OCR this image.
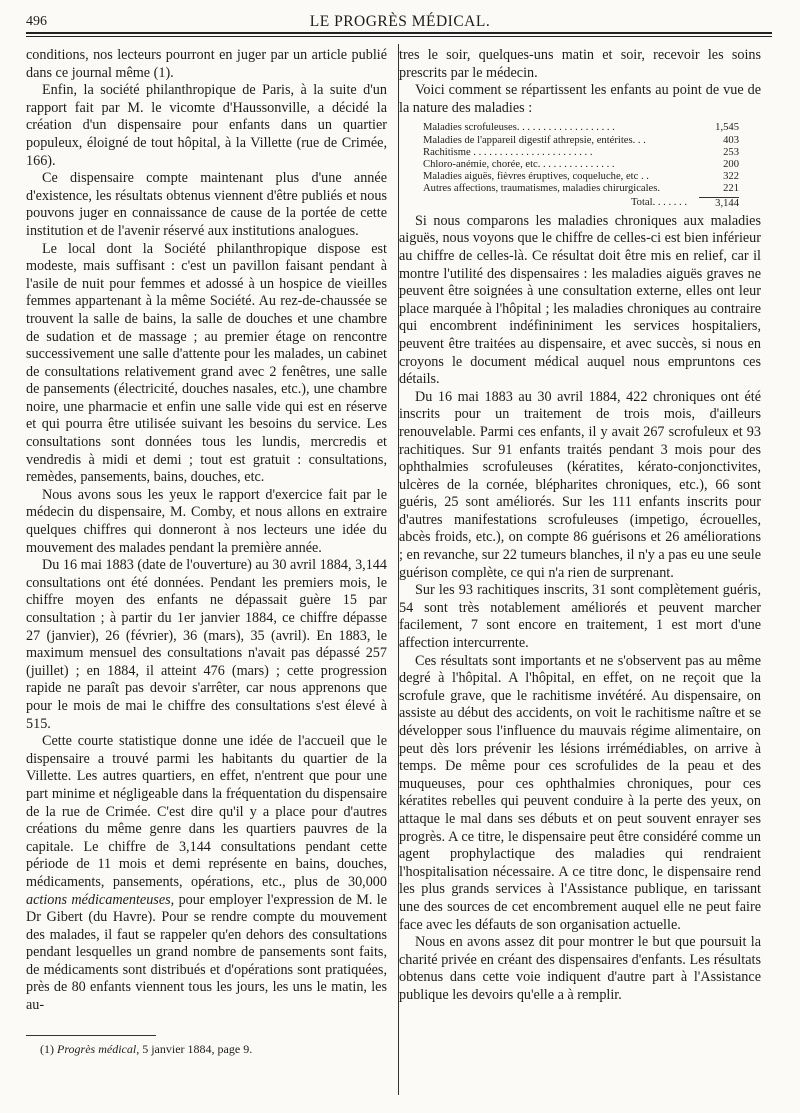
496	LE PROGRÈS MÉDICAL.

conditions, nos lecteurs pourront en juger par un article publié dans ce journal même (1).

Enfin, la société philanthropique de Paris, à la suite d'un rapport fait par M. le vicomte d'Haussonville, a décidé la création d'un dispensaire pour enfants dans un quartier populeux, éloigné de tout hôpital, à la Villette (rue de Crimée, 166).

Ce dispensaire compte maintenant plus d'une année d'existence, les résultats obtenus viennent d'être publiés et nous pouvons juger en connaissance de cause de la portée de cette institution et de l'avenir réservé aux institutions analogues.

Le local dont la Société philanthropique dispose est modeste, mais suffisant : c'est un pavillon faisant pendant à l'asile de nuit pour femmes et adossé à un hospice de vieilles femmes appartenant à la même Société. Au rez-de-chaussée se trouvent la salle de bains, la salle de douches et une chambre de sudation et de massage ; au premier étage on rencontre successivement une salle d'attente pour les malades, un cabinet de consultations relativement grand avec 2 fenêtres, une salle de pansements (électricité, douches nasales, etc.), une chambre noire, une pharmacie et enfin une salle vide qui est en réserve et qui pourra être utilisée suivant les besoins du service. Les consultations sont données tous les lundis, mercredis et vendredis à midi et demi ; tout est gratuit : consultations, remèdes, pansements, bains, douches, etc.

Nous avons sous les yeux le rapport d'exercice fait par le médecin du dispensaire, M. Comby, et nous allons en extraire quelques chiffres qui donneront à nos lecteurs une idée du mouvement des malades pendant la première année.

Du 16 mai 1883 (date de l'ouverture) au 30 avril 1884, 3,144 consultations ont été données. Pendant les premiers mois, le chiffre moyen des enfants ne dépassait guère 15 par consultation ; à partir du 1er janvier 1884, ce chiffre dépasse 27 (janvier), 26 (février), 36 (mars), 35 (avril). En 1883, le maximum mensuel des consultations n'avait pas dépassé 257 (juillet) ; en 1884, il atteint 476 (mars) ; cette progression rapide ne paraît pas devoir s'arrêter, car nous apprenons que pour le mois de mai le chiffre des consultations s'est élevé à 515.

Cette courte statistique donne une idée de l'accueil que le dispensaire a trouvé parmi les habitants du quartier de la Villette. Les autres quartiers, en effet, n'entrent que pour une part minime et négligeable dans la fréquentation du dispensaire de la rue de Crimée. C'est dire qu'il y a place pour d'autres créations du même genre dans les quartiers pauvres de la capitale. Le chiffre de 3,144 consultations pendant cette période de 11 mois et demi représente en bains, douches, médicaments, pansements, opérations, etc., plus de 30,000 actions médicamenteuses, pour employer l'expression de M. le Dr Gibert (du Havre). Pour se rendre compte du mouvement des malades, il faut se rappeler qu'en dehors des consultations pendant lesquelles un grand nombre de pansements sont faits, de médicaments sont distribués et d'opérations sont pratiquées, près de 80 enfants viennent tous les jours, les uns le matin, les au-

tres le soir, quelques-uns matin et soir, recevoir les soins prescrits par le médecin.

Voici comment se répartissent les enfants au point de vue de la nature des maladies :

Maladies scrofuleuses. . . . . . . . . . . . . . . . . . .	1,545
Maladies de l'appareil digestif athrepsie, entérites. . .	403
Rachitisme . . . . . . . . . . . . . . . . . . . . . . .	253
Chloro-anémie, chorée, etc. . . . . . . . . . . . . . .	200
Maladies aiguës, fièvres éruptives, coqueluche, etc . .	322
Autres affections, traumatismes, maladies chirurgicales.	221
Total. . . . . . .	3,144

Si nous comparons les maladies chroniques aux maladies aiguës, nous voyons que le chiffre de celles-ci est bien inférieur au chiffre de celles-là. Ce résultat doit être mis en relief, car il montre l'utilité des dispensaires : les maladies aiguës graves ne peuvent être soignées à une consultation externe, elles ont leur place marquée à l'hôpital ; les maladies chroniques au contraire qui encombrent indéfininiment les services hospitaliers, peuvent être traitées au dispensaire, et avec succès, si nous en croyons le document médical auquel nous empruntons ces détails.

Du 16 mai 1883 au 30 avril 1884, 422 chroniques ont été inscrits pour un traitement de trois mois, d'ailleurs renouvelable. Parmi ces enfants, il y avait 267 scrofuleux et 93 rachitiques. Sur 91 enfants traités pendant 3 mois pour des ophthalmies scrofuleuses (kératites, kérato-conjonctivites, ulcères de la cornée, blépharites chroniques, etc.), 66 sont guéris, 25 sont améliorés. Sur les 111 enfants inscrits pour d'autres manifestations scrofuleuses (impetigo, écrouelles, abcès froids, etc.), on compte 86 guérisons et 26 améliorations ; en revanche, sur 22 tumeurs blanches, il n'y a pas eu une seule guérison complète, ce qui n'a rien de surprenant.

Sur les 93 rachitiques inscrits, 31 sont complètement guéris, 54 sont très notablement améliorés et peuvent marcher facilement, 7 sont encore en traitement, 1 est mort d'une affection intercurrente.

Ces résultats sont importants et ne s'observent pas au même degré à l'hôpital. A l'hôpital, en effet, on ne reçoit que la scrofule grave, que le rachitisme invétéré. Au dispensaire, on assiste au début des accidents, on voit le rachitisme naître et se développer sous l'influence du mauvais régime alimentaire, on peut dès lors prévenir les lésions irrémédiables, on arrive à temps. De même pour ces scrofulides de la peau et des muqueuses, pour ces ophthalmies chroniques, pour ces kératites rebelles qui peuvent conduire à la perte des yeux, on attaque le mal dans ses débuts et on peut souvent enrayer ses progrès. A ce titre, le dispensaire peut être considéré comme un agent prophylactique des maladies qui rendraient l'hospitalisation nécessaire. A ce titre donc, le dispensaire rend les plus grands services à l'Assistance publique, en tarissant une des sources de cet encombrement auquel elle ne peut faire face avec les défauts de son organisation actuelle.

Nous en avons assez dit pour montrer le but que poursuit la charité privée en créant des dispensaires d'enfants. Les résultats obtenus dans cette voie indiquent d'autre part à l'Assistance publique les devoirs qu'elle a à remplir.

(1) Progrès médical, 5 janvier 1884, page 9.
